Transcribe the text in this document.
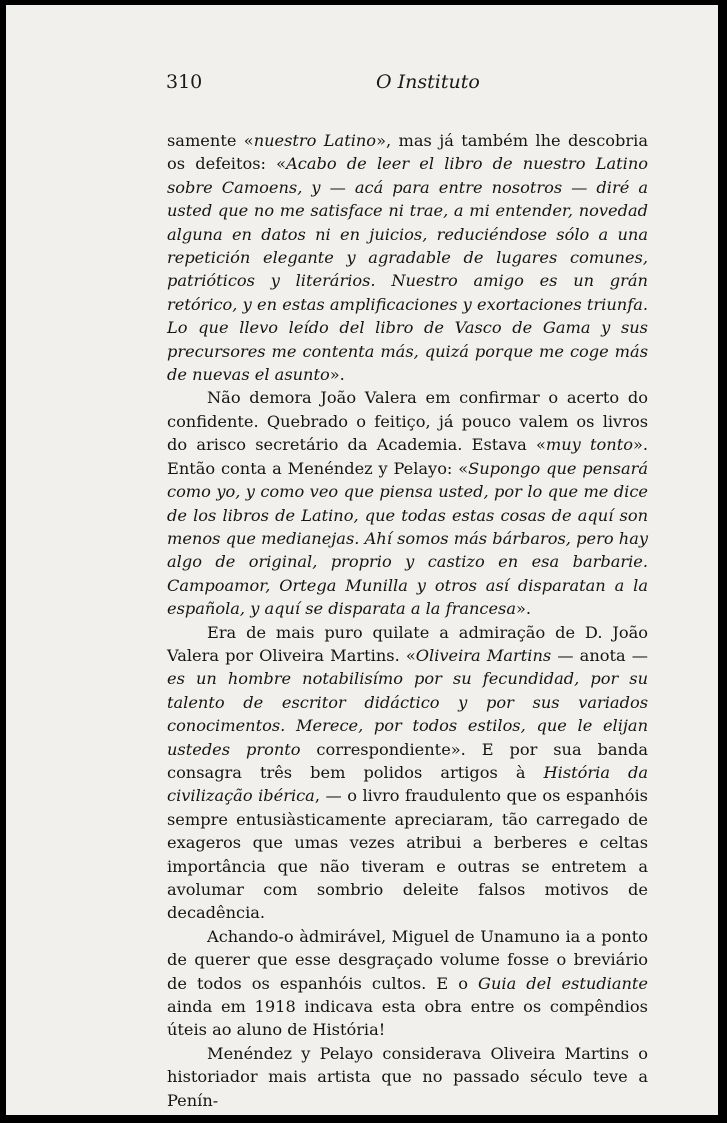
310	O Instituto

samente «nuestro Latino», mas já também lhe descobria os defeitos: «Acabo de leer el libro de nuestro Latino sobre Camoens, y — acá para entre nosotros — diré a usted que no me satisface ni trae, a mi entender, novedad alguna en datos ni en juicios, reduciéndose sólo a una repetición elegante y agradable de lugares comunes, patrióticos y literários. Nuestro amigo es un grán retórico, y en estas amplificaciones y exortaciones triunfa. Lo que llevo leído del libro de Vasco de Gama y sus precursores me contenta más, quizá porque me coge más de nuevas el asunto».

Não demora João Valera em confirmar o acerto do confidente. Quebrado o feitiço, já pouco valem os livros do arisco secretário da Academia. Estava «muy tonto». Então conta a Menéndez y Pelayo: «Supongo que pensará como yo, y como veo que piensa usted, por lo que me dice de los libros de Latino, que todas estas cosas de aquí son menos que medianejas. Ahí somos más bárbaros, pero hay algo de original, proprio y castizo en esa barbarie. Campoamor, Ortega Munilla y otros así disparatan a la española, y aquí se disparata a la francesa».

Era de mais puro quilate a admiração de D. João Valera por Oliveira Martins. «Oliveira Martins — anota — es un hombre notabilisímo por su fecundidad, por su talento de escritor didáctico y por sus variados conocimentos. Merece, por todos estilos, que le elijan ustedes pronto correspondiente». E por sua banda consagra três bem polidos artigos à História da civilização ibérica, — o livro fraudulento que os espanhóis sempre entusiàsticamente apreciaram, tão carregado de exageros que umas vezes atribui a berberes e celtas importância que não tiveram e outras se entretem a avolumar com sombrio deleite falsos motivos de decadência.

Achando-o àdmirável, Miguel de Unamuno ia a ponto de querer que esse desgraçado volume fosse o breviário de todos os espanhóis cultos. E o Guia del estudiante ainda em 1918 indicava esta obra entre os compêndios úteis ao aluno de História!

Menéndez y Pelayo considerava Oliveira Martins o historiador mais artista que no passado século teve a Penín-
